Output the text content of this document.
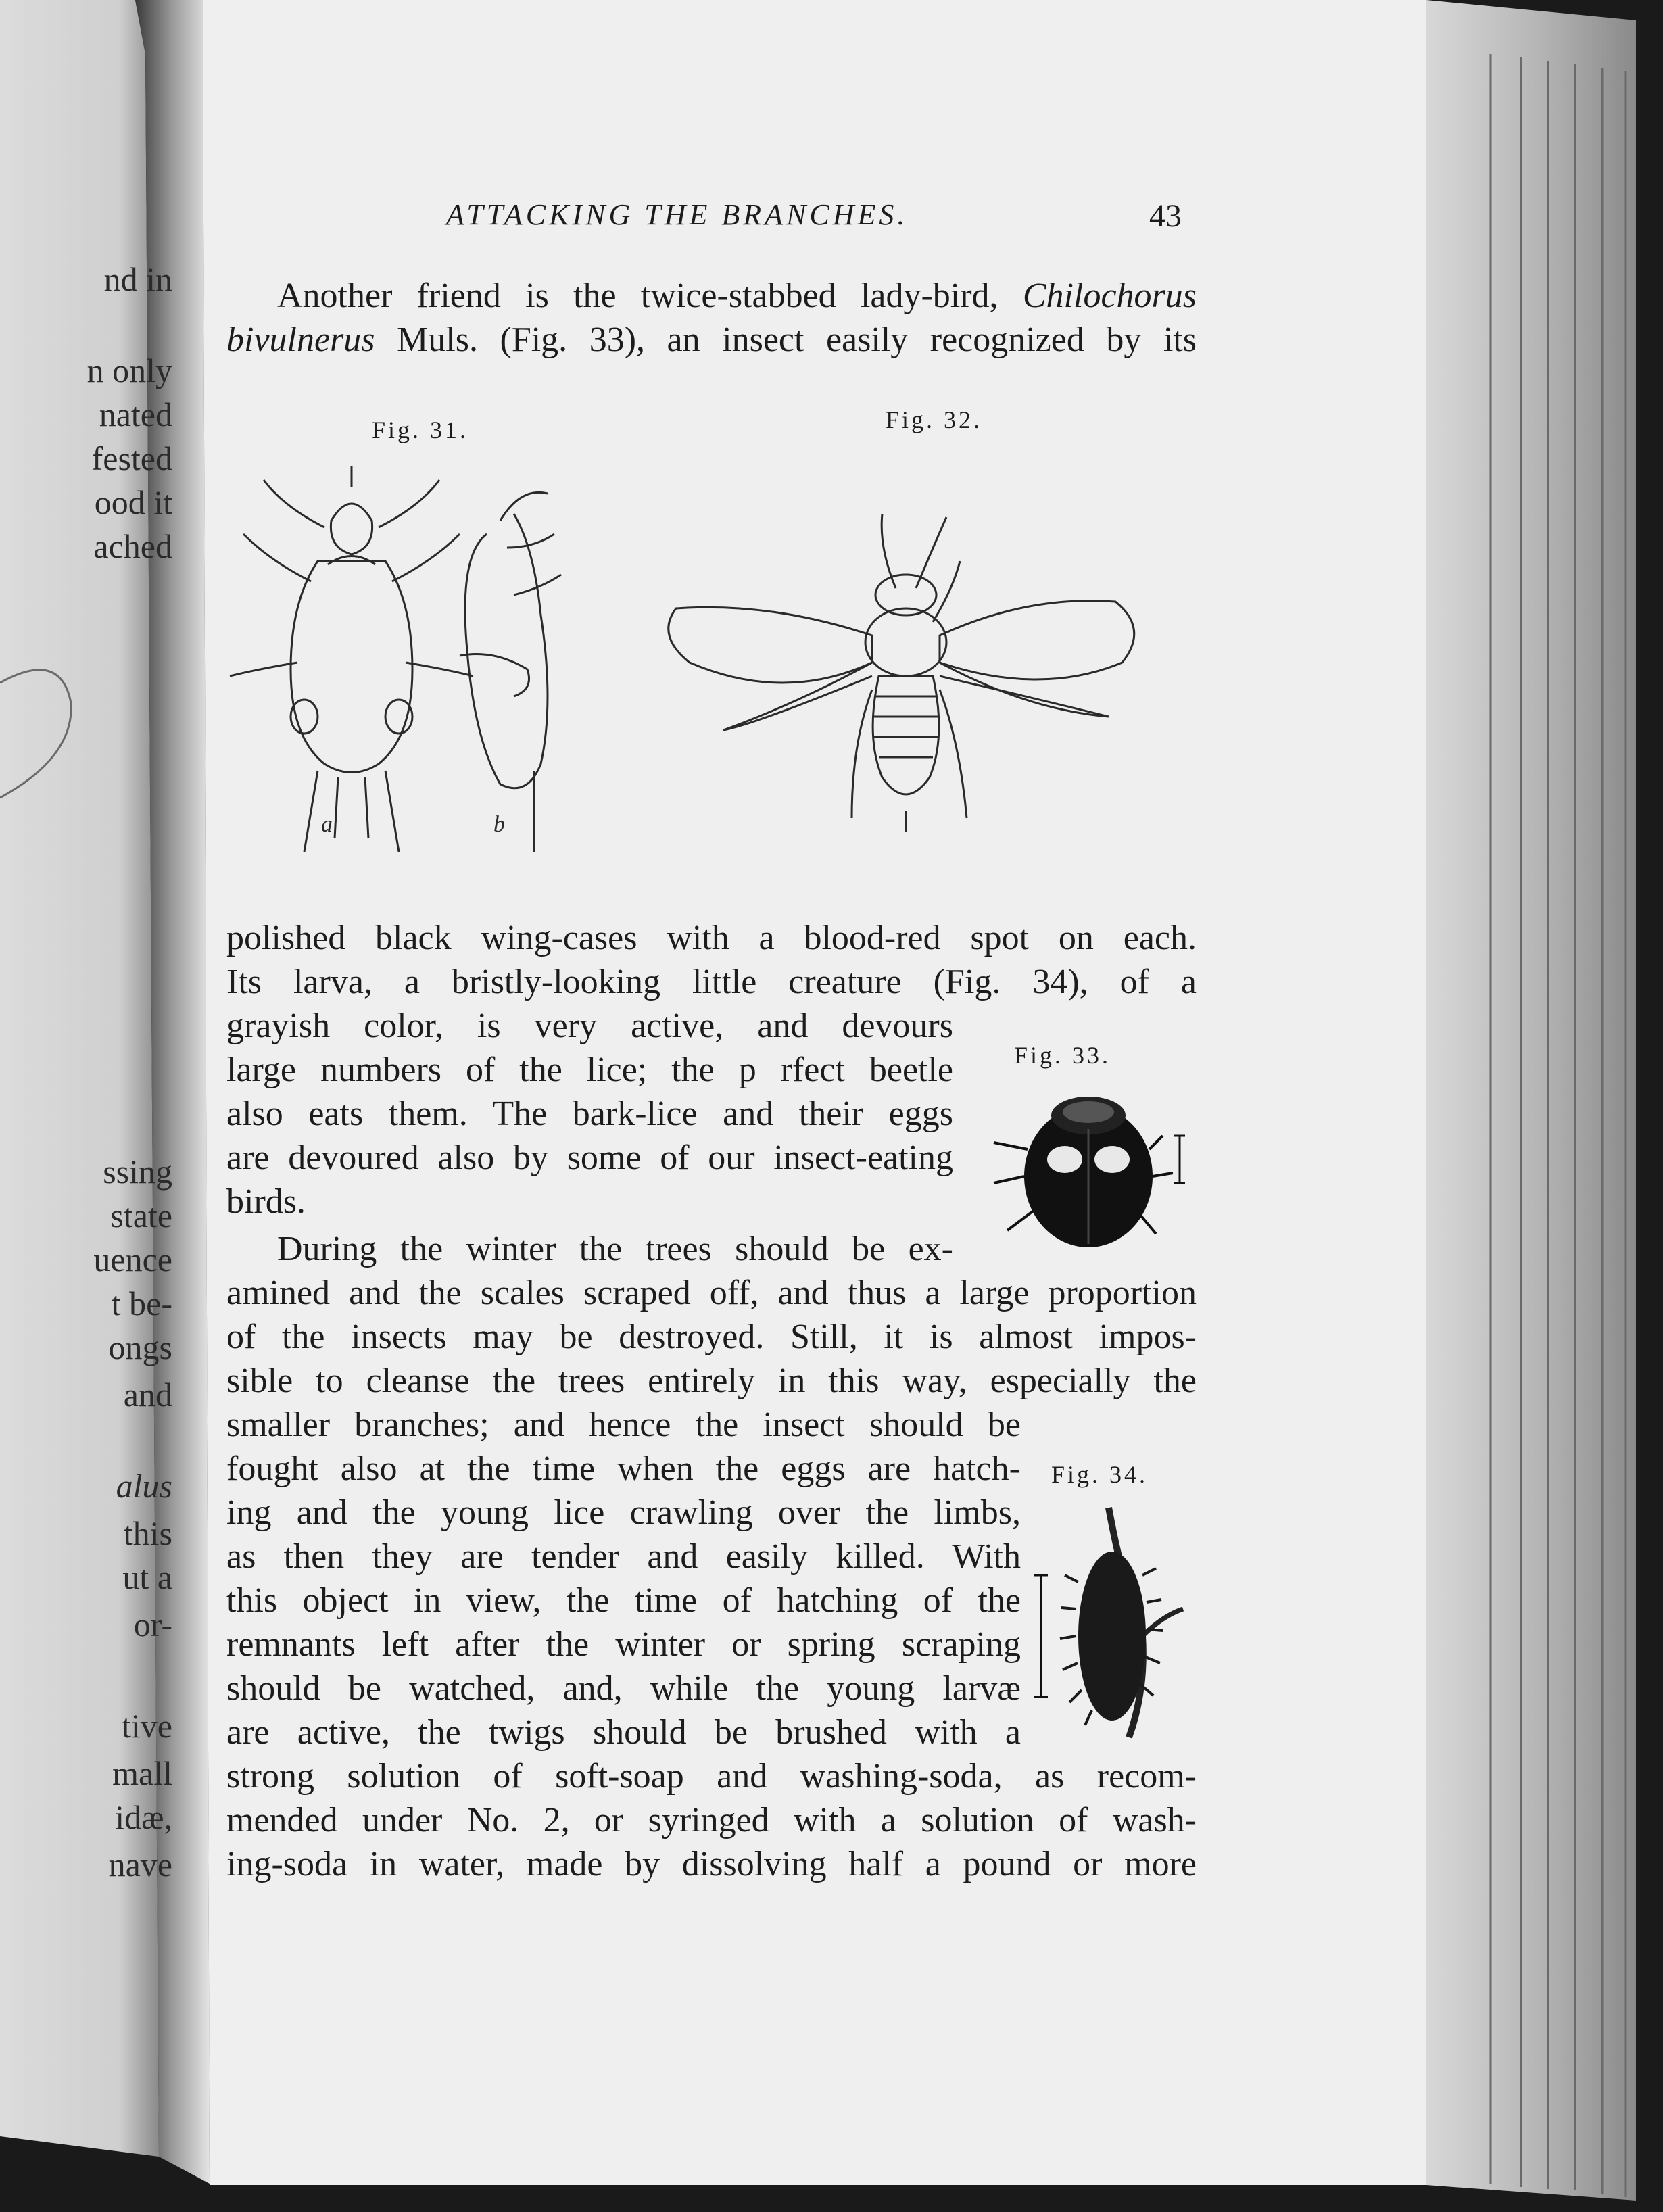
nd in
n only
nated
fested
ood it
ached
ssing
state
uence
t be-
ongs
and
alus
this
ut a
or-
tive
mall
idæ,
nave
ATTACKING THE BRANCHES.	43
Another friend is the twice-stabbed lady-bird, Chilochorus
bivulnerus Muls. (Fig. 33), an insect easily recognized by its
Fig. 31.	Fig. 32.
a	b
polished black wing-cases with a blood-red spot on each.
Its larva, a bristly-looking little creature (Fig. 34), of a
grayish color, is very active, and devours
large numbers of the lice; the p rfect beetle
also eats them. The bark-lice and their eggs
are devoured also by some of our insect-eating
birds.
Fig. 33.
During the winter the trees should be ex-
amined and the scales scraped off, and thus a large proportion
of the insects may be destroyed. Still, it is almost impos-
sible to cleanse the trees entirely in this way, especially the
smaller branches; and hence the insect should be
fought also at the time when the eggs are hatch-
ing and the young lice crawling over the limbs,
as then they are tender and easily killed. With
this object in view, the time of hatching of the
remnants left after the winter or spring scraping
should be watched, and, while the young larvæ
are active, the twigs should be brushed with a
Fig. 34.
strong solution of soft-soap and washing-soda, as recom-
mended under No. 2, or syringed with a solution of wash-
ing-soda in water, made by dissolving half a pound or more
